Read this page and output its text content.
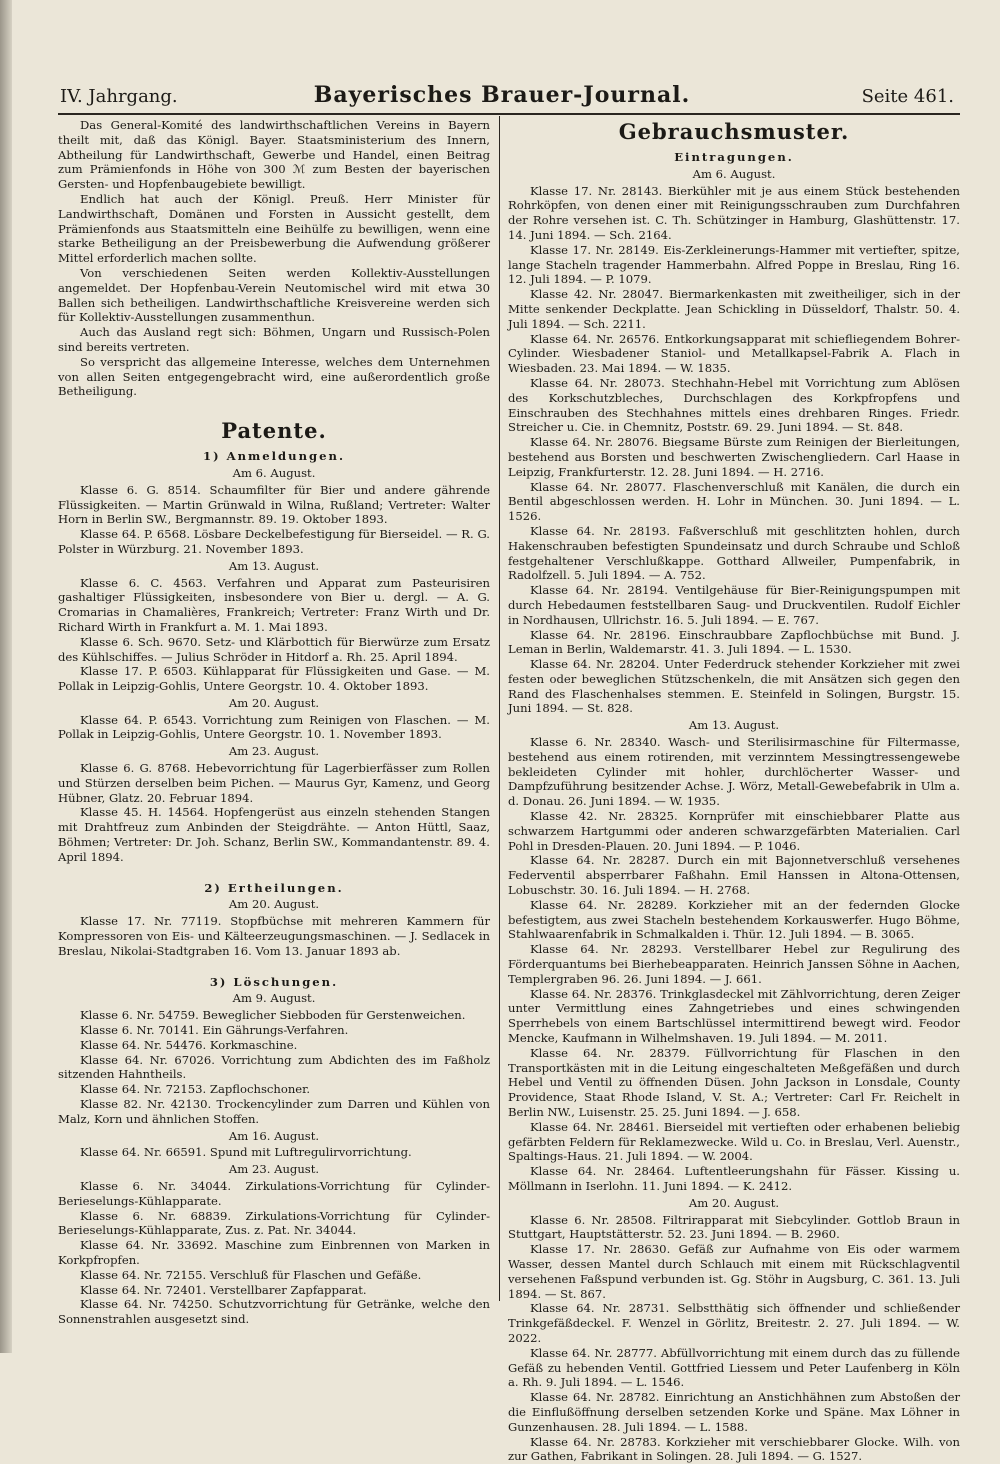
IV. Jahrgang.	Bayerisches Brauer-Journal.	Seite 461.

Das General-Komité des landwirthschaftlichen Vereins in Bayern theilt mit, daß das Königl. Bayer. Staatsministerium des Innern, Abtheilung für Landwirthschaft, Gewerbe und Handel, einen Beitrag zum Prämienfonds in Höhe von 300 ℳ zum Besten der bayerischen Gersten- und Hopfenbaugebiete bewilligt.

Endlich hat auch der Königl. Preuß. Herr Minister für Landwirthschaft, Domänen und Forsten in Aussicht gestellt, dem Prämienfonds aus Staatsmitteln eine Beihülfe zu bewilligen, wenn eine starke Betheiligung an der Preisbewerbung die Aufwendung größerer Mittel erforderlich machen sollte.

Von verschiedenen Seiten werden Kollektiv-Ausstellungen angemeldet. Der Hopfenbau-Verein Neutomischel wird mit etwa 30 Ballen sich betheiligen. Landwirthschaftliche Kreisvereine werden sich für Kollektiv-Ausstellungen zusammenthun.

Auch das Ausland regt sich: Böhmen, Ungarn und Russisch-Polen sind bereits vertreten.

So verspricht das allgemeine Interesse, welches dem Unternehmen von allen Seiten entgegengebracht wird, eine außerordentlich große Betheiligung.

Patente.
1) Anmeldungen.
Am 6. August.

Klasse 6. G. 8514. Schaumfilter für Bier und andere gährende Flüssigkeiten. — Martin Grünwald in Wilna, Rußland; Vertreter: Walter Horn in Berlin SW., Bergmannstr. 89. 19. Oktober 1893.

Klasse 64. P. 6568. Lösbare Deckelbefestigung für Bierseidel. — R. G. Polster in Würzburg. 21. November 1893.

Am 13. August.

Klasse 6. C. 4563. Verfahren und Apparat zum Pasteurisiren gashaltiger Flüssigkeiten, insbesondere von Bier u. dergl. — A. G. Cromarias in Chamalières, Frankreich; Vertreter: Franz Wirth und Dr. Richard Wirth in Frankfurt a. M. 1. Mai 1893.

Klasse 6. Sch. 9670. Setz- und Klärbottich für Bierwürze zum Ersatz des Kühlschiffes. — Julius Schröder in Hitdorf a. Rh. 25. April 1894.

Klasse 17. P. 6503. Kühlapparat für Flüssigkeiten und Gase. — M. Pollak in Leipzig-Gohlis, Untere Georgstr. 10. 4. Oktober 1893.

Am 20. August.

Klasse 64. P. 6543. Vorrichtung zum Reinigen von Flaschen. — M. Pollak in Leipzig-Gohlis, Untere Georgstr. 10. 1. November 1893.

Am 23. August.

Klasse 6. G. 8768. Hebevorrichtung für Lagerbierfässer zum Rollen und Stürzen derselben beim Pichen. — Maurus Gyr, Kamenz, und Georg Hübner, Glatz. 20. Februar 1894.

Klasse 45. H. 14564. Hopfengerüst aus einzeln stehenden Stangen mit Drahtfreuz zum Anbinden der Steigdrähte. — Anton Hüttl, Saaz, Böhmen; Vertreter: Dr. Joh. Schanz, Berlin SW., Kommandantenstr. 89. 4. April 1894.

2) Ertheilungen.
Am 20. August.

Klasse 17. Nr. 77119. Stopfbüchse mit mehreren Kammern für Kompressoren von Eis- und Kälteerzeugungsmaschinen. — J. Sedlacek in Breslau, Nikolai-Stadtgraben 16. Vom 13. Januar 1893 ab.

3) Löschungen.
Am 9. August.

Klasse 6. Nr. 54759. Beweglicher Siebboden für Gerstenweichen.

Klasse 6. Nr. 70141. Ein Gährungs-Verfahren.

Klasse 64. Nr. 54476. Korkmaschine.

Klasse 64. Nr. 67026. Vorrichtung zum Abdichten des im Faßholz sitzenden Hahntheils.

Klasse 64. Nr. 72153. Zapflochschoner.

Klasse 82. Nr. 42130. Trockencylinder zum Darren und Kühlen von Malz, Korn und ähnlichen Stoffen.

Am 16. August.

Klasse 64. Nr. 66591. Spund mit Luftregulirvorrichtung.

Am 23. August.

Klasse 6. Nr. 34044. Zirkulations-Vorrichtung für Cylinder-Berieselungs-Kühlapparate.

Klasse 6. Nr. 68839. Zirkulations-Vorrichtung für Cylinder-Berieselungs-Kühlapparate, Zus. z. Pat. Nr. 34044.

Klasse 64. Nr. 33692. Maschine zum Einbrennen von Marken in Korkpfropfen.

Klasse 64. Nr. 72155. Verschluß für Flaschen und Gefäße.

Klasse 64. Nr. 72401. Verstellbarer Zapfapparat.

Klasse 64. Nr. 74250. Schutzvorrichtung für Getränke, welche den Sonnenstrahlen ausgesetzt sind.

Gebrauchsmuster.
Eintragungen.
Am 6. August.

Klasse 17. Nr. 28143. Bierkühler mit je aus einem Stück bestehenden Rohrköpfen, von denen einer mit Reinigungsschrauben zum Durchfahren der Rohre versehen ist. C. Th. Schützinger in Hamburg, Glashüttenstr. 17. 14. Juni 1894. — Sch. 2164.

Klasse 17. Nr. 28149. Eis-Zerkleinerungs-Hammer mit vertiefter, spitze, lange Stacheln tragender Hammerbahn. Alfred Poppe in Breslau, Ring 16. 12. Juli 1894. — P. 1079.

Klasse 42. Nr. 28047. Biermarkenkasten mit zweitheiliger, sich in der Mitte senkender Deckplatte. Jean Schickling in Düsseldorf, Thalstr. 50. 4. Juli 1894. — Sch. 2211.

Klasse 64. Nr. 26576. Entkorkungsapparat mit schiefliegendem Bohrer-Cylinder. Wiesbadener Staniol- und Metallkapsel-Fabrik A. Flach in Wiesbaden. 23. Mai 1894. — W. 1835.

Klasse 64. Nr. 28073. Stechhahn-Hebel mit Vorrichtung zum Ablösen des Korkschutzbleches, Durchschlagen des Korkpfropfens und Einschrauben des Stechhahnes mittels eines drehbaren Ringes. Friedr. Streicher u. Cie. in Chemnitz, Poststr. 69. 29. Juni 1894. — St. 848.

Klasse 64. Nr. 28076. Biegsame Bürste zum Reinigen der Bierleitungen, bestehend aus Borsten und beschwerten Zwischengliedern. Carl Haase in Leipzig, Frankfurterstr. 12. 28. Juni 1894. — H. 2716.

Klasse 64. Nr. 28077. Flaschenverschluß mit Kanälen, die durch ein Bentil abgeschlossen werden. H. Lohr in München. 30. Juni 1894. — L. 1526.

Klasse 64. Nr. 28193. Faßverschluß mit geschlitzten hohlen, durch Hakenschrauben befestigten Spundeinsatz und durch Schraube und Schloß festgehaltener Verschlußkappe. Gotthard Allweiler, Pumpenfabrik, in Radolfzell. 5. Juli 1894. — A. 752.

Klasse 64. Nr. 28194. Ventilgehäuse für Bier-Reinigungspumpen mit durch Hebedaumen feststellbaren Saug- und Druckventilen. Rudolf Eichler in Nordhausen, Ullrichstr. 16. 5. Juli 1894. — E. 767.

Klasse 64. Nr. 28196. Einschraubbare Zapflochbüchse mit Bund. J. Leman in Berlin, Waldemarstr. 41. 3. Juli 1894. — L. 1530.

Klasse 64. Nr. 28204. Unter Federdruck stehender Korkzieher mit zwei festen oder beweglichen Stützschenkeln, die mit Ansätzen sich gegen den Rand des Flaschenhalses stemmen. E. Steinfeld in Solingen, Burgstr. 15. Juni 1894. — St. 828.

Am 13. August.

Klasse 6. Nr. 28340. Wasch- und Sterilisirmaschine für Filtermasse, bestehend aus einem rotirenden, mit verzinntem Messingtressengewebe bekleideten Cylinder mit hohler, durchlöcherter Wasser- und Dampfzuführung besitzender Achse. J. Wörz, Metall-Gewebefabrik in Ulm a. d. Donau. 26. Juni 1894. — W. 1935.

Klasse 42. Nr. 28325. Kornprüfer mit einschiebbarer Platte aus schwarzem Hartgummi oder anderen schwarzgefärbten Materialien. Carl Pohl in Dresden-Plauen. 20. Juni 1894. — P. 1046.

Klasse 64. Nr. 28287. Durch ein mit Bajonnetverschluß versehenes Federventil absperrbarer Faßhahn. Emil Hanssen in Altona-Ottensen, Lobuschstr. 30. 16. Juli 1894. — H. 2768.

Klasse 64. Nr. 28289. Korkzieher mit an der federnden Glocke befestigtem, aus zwei Stacheln bestehendem Korkauswerfer. Hugo Böhme, Stahlwaarenfabrik in Schmalkalden i. Thür. 12. Juli 1894. — B. 3065.

Klasse 64. Nr. 28293. Verstellbarer Hebel zur Regulirung des Förderquantums bei Bierhebeapparaten. Heinrich Janssen Söhne in Aachen, Templergraben 96. 26. Juni 1894. — J. 661.

Klasse 64. Nr. 28376. Trinkglasdeckel mit Zählvorrichtung, deren Zeiger unter Vermittlung eines Zahngetriebes und eines schwingenden Sperrhebels von einem Bartschlüssel intermittirend bewegt wird. Feodor Mencke, Kaufmann in Wilhelmshaven. 19. Juli 1894. — M. 2011.

Klasse 64. Nr. 28379. Füllvorrichtung für Flaschen in den Transportkästen mit in die Leitung eingeschalteten Meßgefäßen und durch Hebel und Ventil zu öffnenden Düsen. John Jackson in Lonsdale, County Providence, Staat Rhode Island, V. St. A.; Vertreter: Carl Fr. Reichelt in Berlin NW., Luisenstr. 25. 25. Juni 1894. — J. 658.

Klasse 64. Nr. 28461. Bierseidel mit vertieften oder erhabenen beliebig gefärbten Feldern für Reklamezwecke. Wild u. Co. in Breslau, Verl. Auenstr., Spaltings-Haus. 21. Juli 1894. — W. 2004.

Klasse 64. Nr. 28464. Luftentleerungshahn für Fässer. Kissing u. Möllmann in Iserlohn. 11. Juni 1894. — K. 2412.

Am 20. August.

Klasse 6. Nr. 28508. Filtrirapparat mit Siebcylinder. Gottlob Braun in Stuttgart, Hauptstätterstr. 52. 23. Juni 1894. — B. 2960.

Klasse 17. Nr. 28630. Gefäß zur Aufnahme von Eis oder warmem Wasser, dessen Mantel durch Schlauch mit einem mit Rückschlagventil versehenen Faßspund verbunden ist. Gg. Stöhr in Augsburg, C. 361. 13. Juli 1894. — St. 867.

Klasse 64. Nr. 28731. Selbstthätig sich öffnender und schließender Trinkgefäßdeckel. F. Wenzel in Görlitz, Breitestr. 2. 27. Juli 1894. — W. 2022.

Klasse 64. Nr. 28777. Abfüllvorrichtung mit einem durch das zu füllende Gefäß zu hebenden Ventil. Gottfried Liessem und Peter Laufenberg in Köln a. Rh. 9. Juli 1894. — L. 1546.

Klasse 64. Nr. 28782. Einrichtung an Anstichhähnen zum Abstoßen der die Einflußöffnung derselben setzenden Korke und Späne. Max Löhner in Gunzenhausen. 28. Juli 1894. — L. 1588.

Klasse 64. Nr. 28783. Korkzieher mit verschiebbarer Glocke. Wilh. von zur Gathen, Fabrikant in Solingen. 28. Juli 1894. — G. 1527.
